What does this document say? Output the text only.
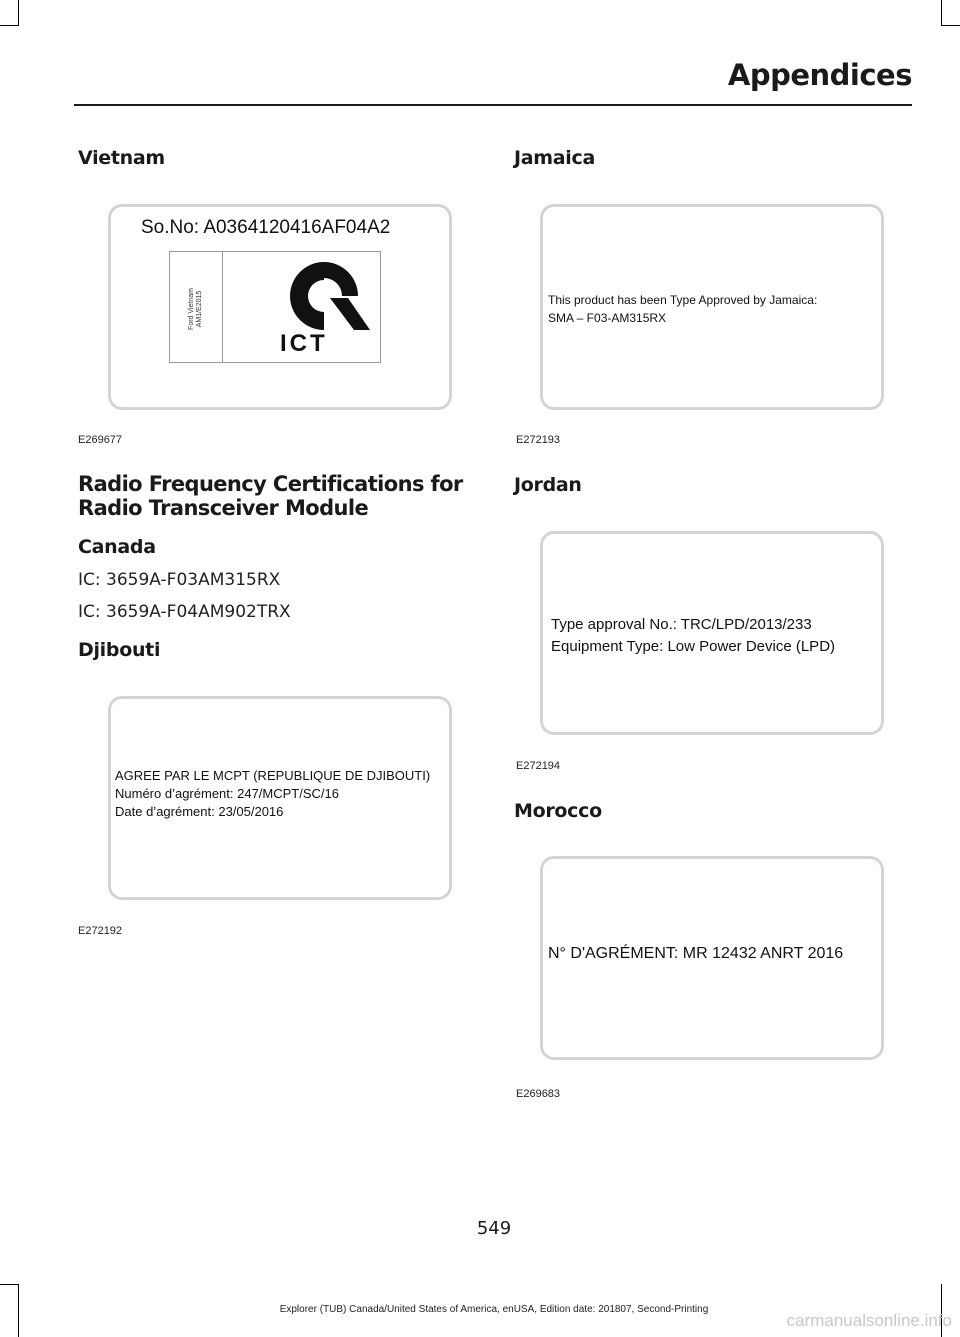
Appendices
Vietnam
So.No: A0364120416AF04A2
Ford Vietnam
AM1/E2015
ICT
E269677
Radio Frequency Certifications for Radio Transceiver Module
Canada
IC: 3659A-F03AM315RX
IC: 3659A-F04AM902TRX
Djibouti
AGREE PAR LE MCPT (REPUBLIQUE DE DJIBOUTI)
Numéro d’agrément: 247/MCPT/SC/16
Date d’agrément: 23/05/2016
E272192
Jamaica
This product has been Type Approved by Jamaica:
SMA – F03-AM315RX
E272193
Jordan
Type approval No.: TRC/LPD/2013/233
Equipment Type: Low Power Device (LPD)
E272194
Morocco
N° D'AGRÉMENT: MR 12432 ANRT 2016
E269683
549
Explorer (TUB) Canada/United States of America, enUSA, Edition date: 201807, Second-Printing
carmanualsonline.info
